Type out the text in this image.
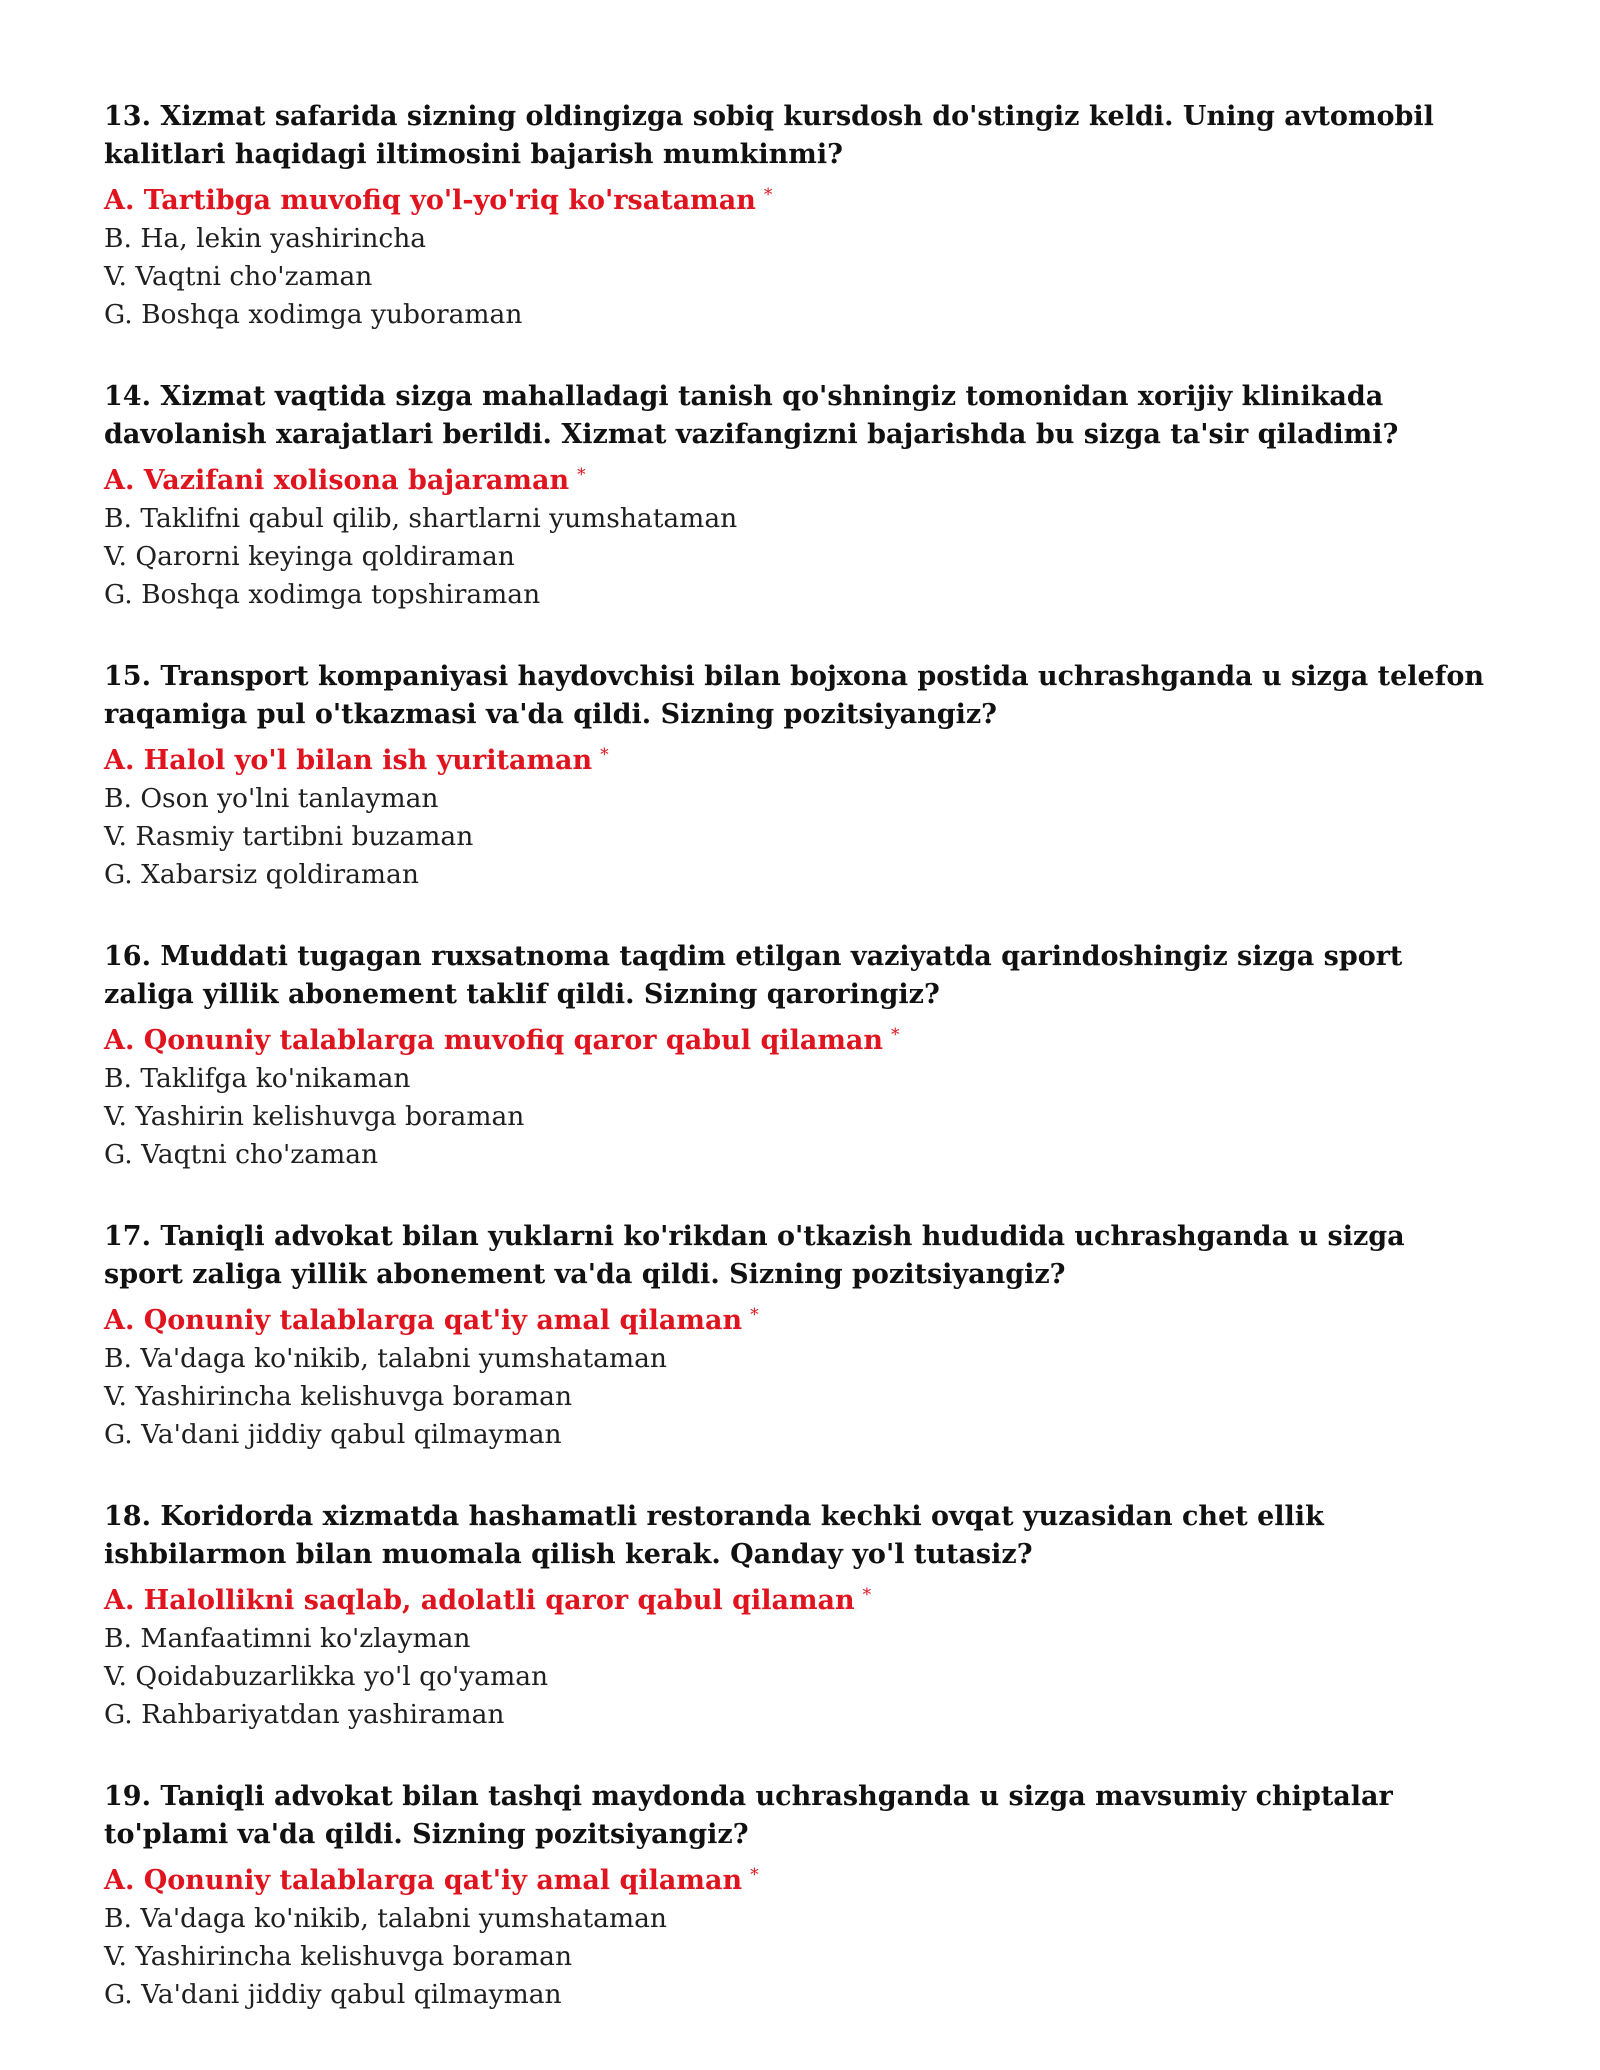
13. Xizmat safarida sizning oldingizga sobiq kursdosh do'stingiz keldi. Uning avtomobil kalitlari haqidagi iltimosini bajarish mumkinmi?

A. Tartibga muvofiq yo'l-yo'riq ko'rsataman *

B. Ha, lekin yashirincha

V. Vaqtni cho'zaman

G. Boshqa xodimga yuboraman

14. Xizmat vaqtida sizga mahalladagi tanish qo'shningiz tomonidan xorijiy klinikada davolanish xarajatlari berildi. Xizmat vazifangizni bajarishda bu sizga ta'sir qiladimi?

A. Vazifani xolisona bajaraman *

B. Taklifni qabul qilib, shartlarni yumshataman

V. Qarorni keyinga qoldiraman

G. Boshqa xodimga topshiraman

15. Transport kompaniyasi haydovchisi bilan bojxona postida uchrashganda u sizga telefon raqamiga pul o'tkazmasi va'da qildi. Sizning pozitsiyangiz?

A. Halol yo'l bilan ish yuritaman *

B. Oson yo'lni tanlayman

V. Rasmiy tartibni buzaman

G. Xabarsiz qoldiraman

16. Muddati tugagan ruxsatnoma taqdim etilgan vaziyatda qarindoshingiz sizga sport zaliga yillik abonement taklif qildi. Sizning qaroringiz?

A. Qonuniy talablarga muvofiq qaror qabul qilaman *

B. Taklifga ko'nikaman

V. Yashirin kelishuvga boraman

G. Vaqtni cho'zaman

17. Taniqli advokat bilan yuklarni ko'rikdan o'tkazish hududida uchrashganda u sizga sport zaliga yillik abonement va'da qildi. Sizning pozitsiyangiz?

A. Qonuniy talablarga qat'iy amal qilaman *

B. Va'daga ko'nikib, talabni yumshataman

V. Yashirincha kelishuvga boraman

G. Va'dani jiddiy qabul qilmayman

18. Koridorda xizmatda hashamatli restoranda kechki ovqat yuzasidan chet ellik ishbilarmon bilan muomala qilish kerak. Qanday yo'l tutasiz?

A. Halollikni saqlab, adolatli qaror qabul qilaman *

B. Manfaatimni ko'zlayman

V. Qoidabuzarlikka yo'l qo'yaman

G. Rahbariyatdan yashiraman

19. Taniqli advokat bilan tashqi maydonda uchrashganda u sizga mavsumiy chiptalar to'plami va'da qildi. Sizning pozitsiyangiz?

A. Qonuniy talablarga qat'iy amal qilaman *

B. Va'daga ko'nikib, talabni yumshataman

V. Yashirincha kelishuvga boraman

G. Va'dani jiddiy qabul qilmayman
